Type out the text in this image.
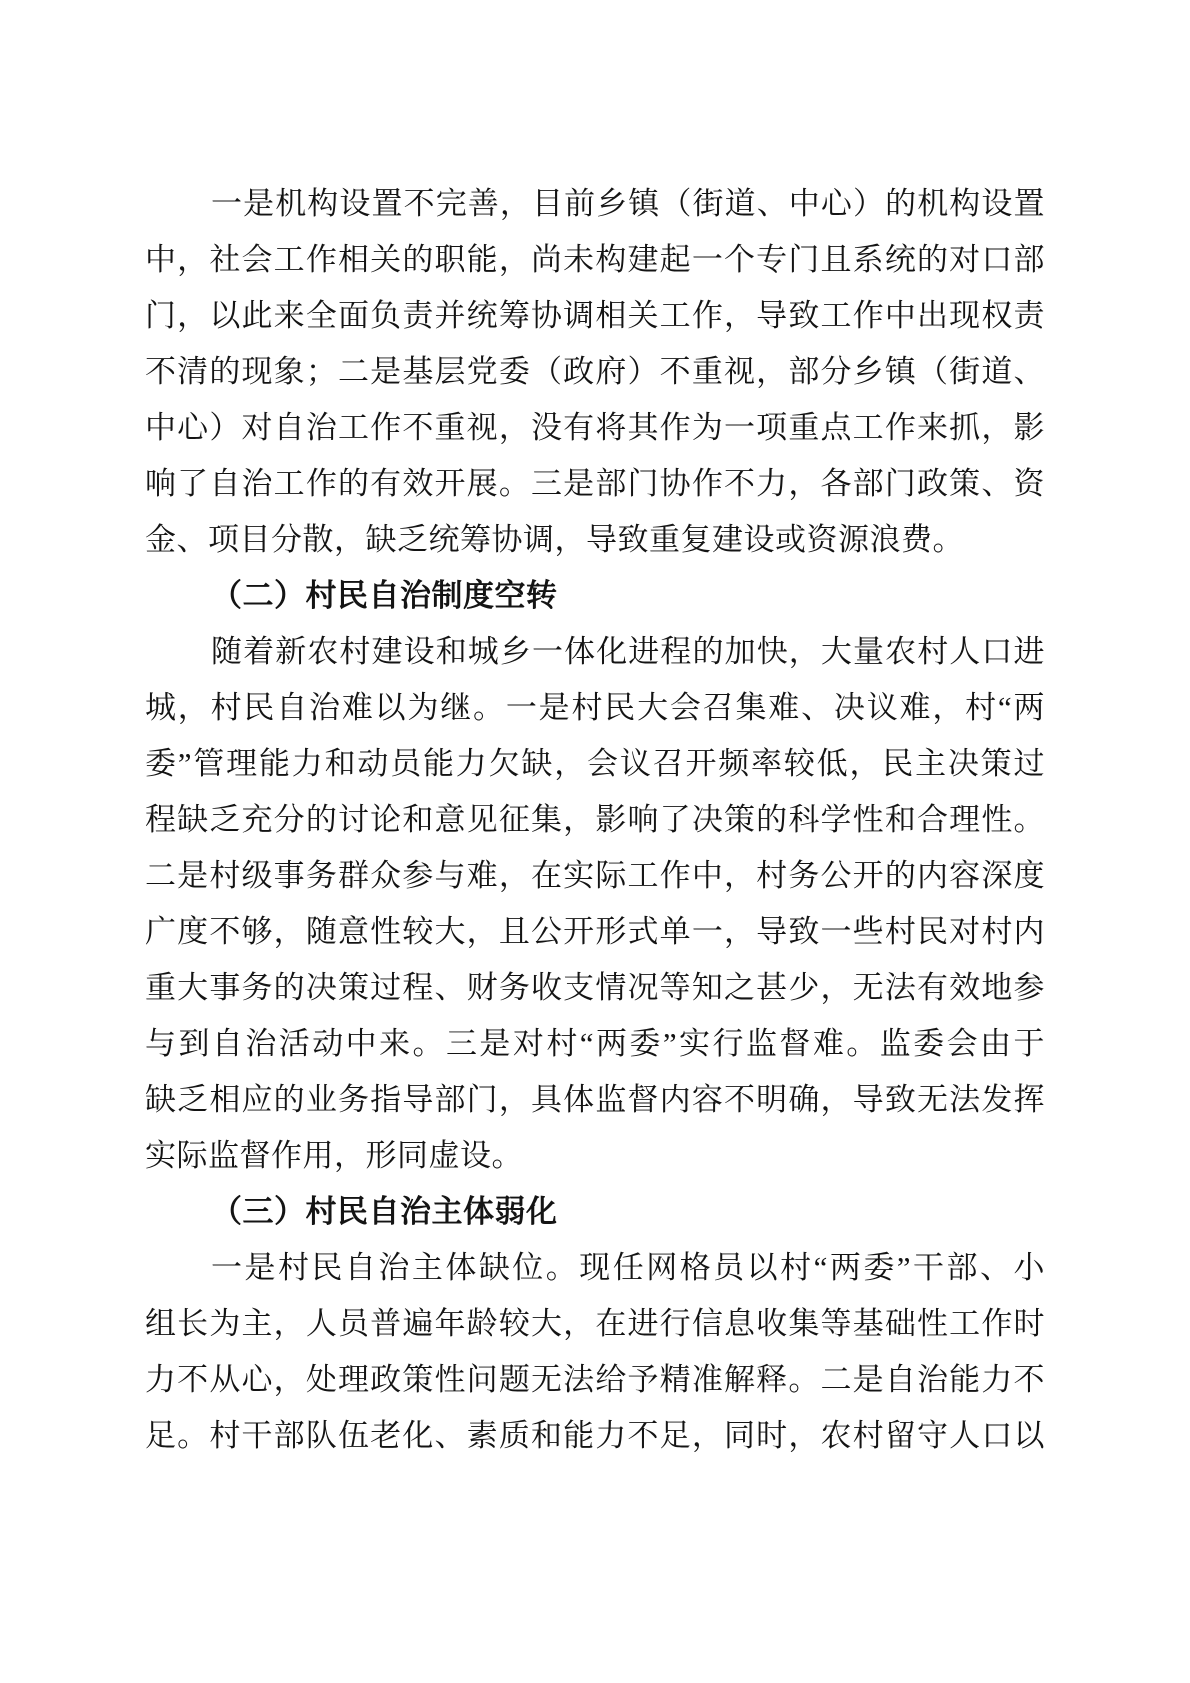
一是机构设置不完善，目前乡镇（街道、中心）的机构设置
中，社会工作相关的职能，尚未构建起一个专门且系统的对口部
门，以此来全面负责并统筹协调相关工作，导致工作中出现权责
不清的现象；二是基层党委（政府）不重视，部分乡镇（街道、
中心）对自治工作不重视，没有将其作为一项重点工作来抓，影
响了自治工作的有效开展。三是部门协作不力，各部门政策、资
金、项目分散，缺乏统筹协调，导致重复建设或资源浪费。
（二）村民自治制度空转
随着新农村建设和城乡一体化进程的加快，大量农村人口进
城，村民自治难以为继。一是村民大会召集难、决议难，村“两
委”管理能力和动员能力欠缺，会议召开频率较低，民主决策过
程缺乏充分的讨论和意见征集，影响了决策的科学性和合理性。
二是村级事务群众参与难，在实际工作中，村务公开的内容深度
广度不够，随意性较大，且公开形式单一，导致一些村民对村内
重大事务的决策过程、财务收支情况等知之甚少，无法有效地参
与到自治活动中来。三是对村“两委”实行监督难。监委会由于
缺乏相应的业务指导部门，具体监督内容不明确，导致无法发挥
实际监督作用，形同虚设。
（三）村民自治主体弱化
一是村民自治主体缺位。现任网格员以村“两委”干部、小
组长为主，人员普遍年龄较大，在进行信息收集等基础性工作时
力不从心，处理政策性问题无法给予精准解释。二是自治能力不
足。村干部队伍老化、素质和能力不足，同时，农村留守人口以
